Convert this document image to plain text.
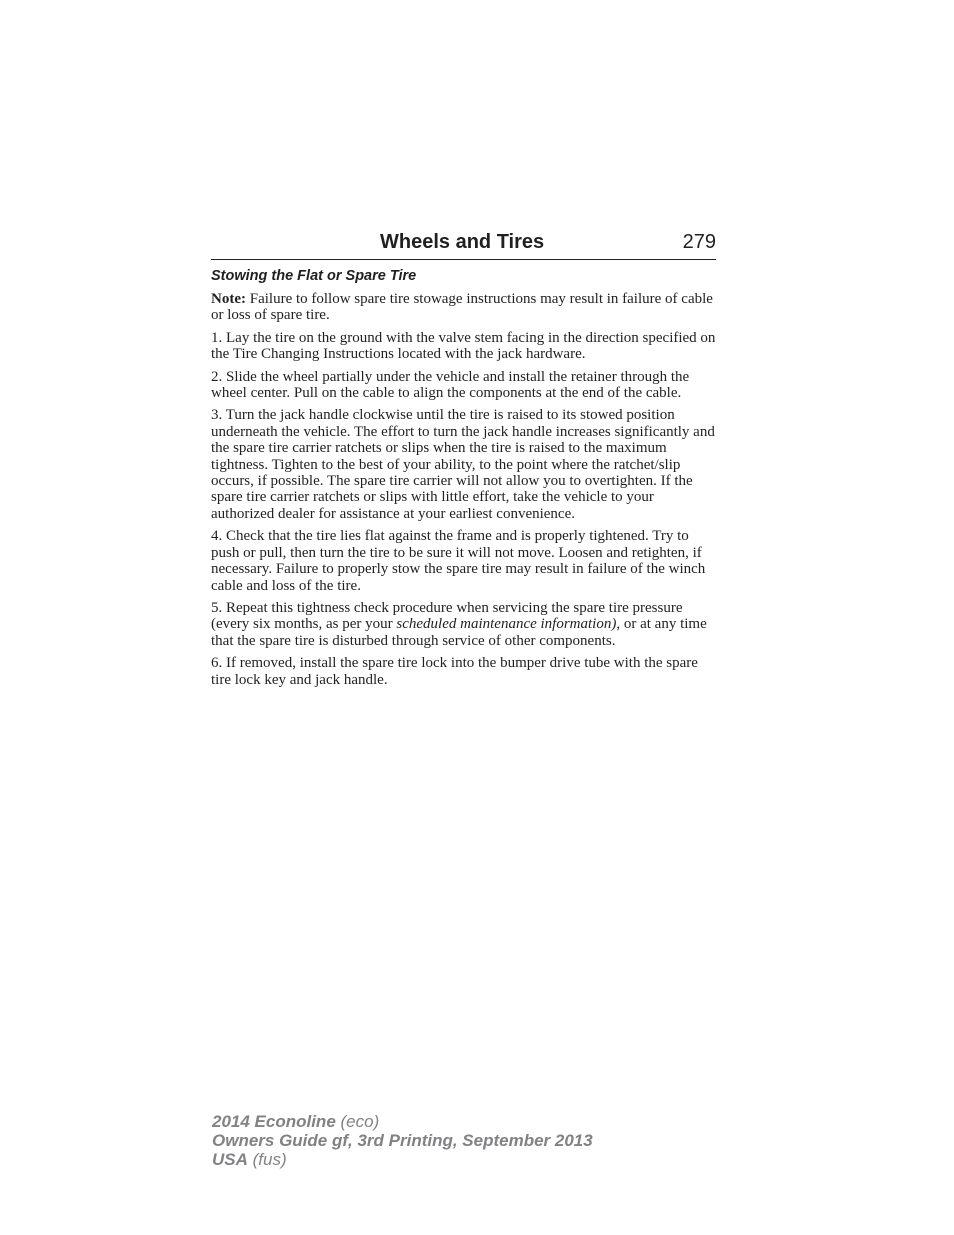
Wheels and Tires	279
Stowing the Flat or Spare Tire

Note: Failure to follow spare tire stowage instructions may result in failure of cable or loss of spare tire.

1. Lay the tire on the ground with the valve stem facing in the direction specified on the Tire Changing Instructions located with the jack hardware.

2. Slide the wheel partially under the vehicle and install the retainer through the wheel center. Pull on the cable to align the components at the end of the cable.

3. Turn the jack handle clockwise until the tire is raised to its stowed position underneath the vehicle. The effort to turn the jack handle increases significantly and the spare tire carrier ratchets or slips when the tire is raised to the maximum tightness. Tighten to the best of your ability, to the point where the ratchet/slip occurs, if possible. The spare tire carrier will not allow you to overtighten. If the spare tire carrier ratchets or slips with little effort, take the vehicle to your authorized dealer for assistance at your earliest convenience.

4. Check that the tire lies flat against the frame and is properly tightened. Try to push or pull, then turn the tire to be sure it will not move. Loosen and retighten, if necessary. Failure to properly stow the spare tire may result in failure of the winch cable and loss of the tire.

5. Repeat this tightness check procedure when servicing the spare tire pressure (every six months, as per your scheduled maintenance information), or at any time that the spare tire is disturbed through service of other components.

6. If removed, install the spare tire lock into the bumper drive tube with the spare tire lock key and jack handle.

2014 Econoline (eco)
Owners Guide gf, 3rd Printing, September 2013
USA (fus)
